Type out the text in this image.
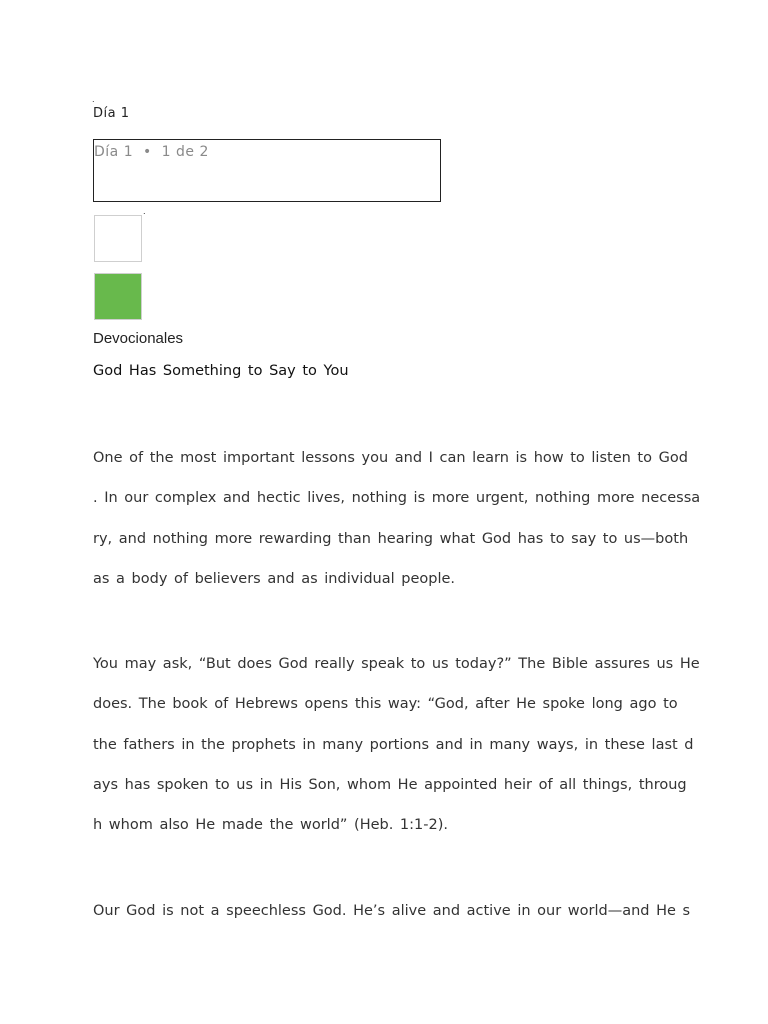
.
Día 1
Día 1  •  1 de 2
.
Devocionales
God Has Something to Say to You
One of the most important lessons you and I can learn is how to listen to God
. In our complex and hectic lives, nothing is more urgent, nothing more necessa
ry, and nothing more rewarding than hearing what God has to say to us—both
as a body of believers and as individual people.
You may ask, “But does God really speak to us today?” The Bible assures us He
does. The book of Hebrews opens this way: “God, after He spoke long ago to
the fathers in the prophets in many portions and in many ways, in these last d
ays has spoken to us in His Son, whom He appointed heir of all things, throug
h whom also He made the world” (Heb. 1:1-2).
Our God is not a speechless God. He’s alive and active in our world—and He s
